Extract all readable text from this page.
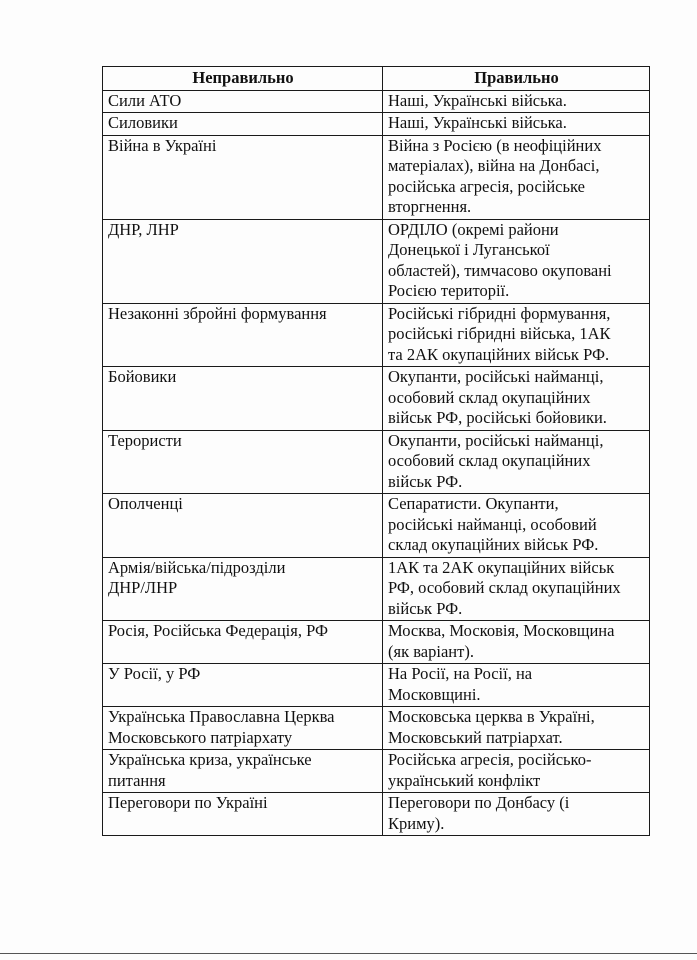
Неправильно	Правильно
Сили АТО	Наші, Українські війська.
Силовики	Наші, Українські війська.
Війна в Україні	Війна з Росією (в неофіційних
матеріалах), війна на Донбасі,
російська агресія, російське
вторгнення.
ДНР, ЛНР	ОРДІЛО (окремі райони
Донецької і Луганської
областей), тимчасово окуповані
Росією території.
Незаконні збройні формування	Російські гібридні формування,
російські гібридні війська, 1АК
та 2АК окупаційних військ РФ.
Бойовики	Окупанти, російські найманці,
особовий склад окупаційних
військ РФ, російські бойовики.
Терористи	Окупанти, російські найманці,
особовий склад окупаційних
військ РФ.
Ополченці	Сепаратисти. Окупанти,
російські найманці, особовий
склад окупаційних військ РФ.
Армія/війська/підрозділи
ДНР/ЛНР	1АК та 2АК окупаційних військ
РФ, особовий склад окупаційних
військ РФ.
Росія, Російська Федерація, РФ	Москва, Московія, Московщина
(як варіант).
У Росії, у РФ	На Росії, на Росії, на
Московщині.
Українська Православна Церква
Московського патріархату	Московська церква в Україні,
Московський патріархат.
Українська криза, українське
питання	Російська агресія, російсько-
український конфлікт
Переговори по Україні	Переговори по Донбасу (і
Криму).
